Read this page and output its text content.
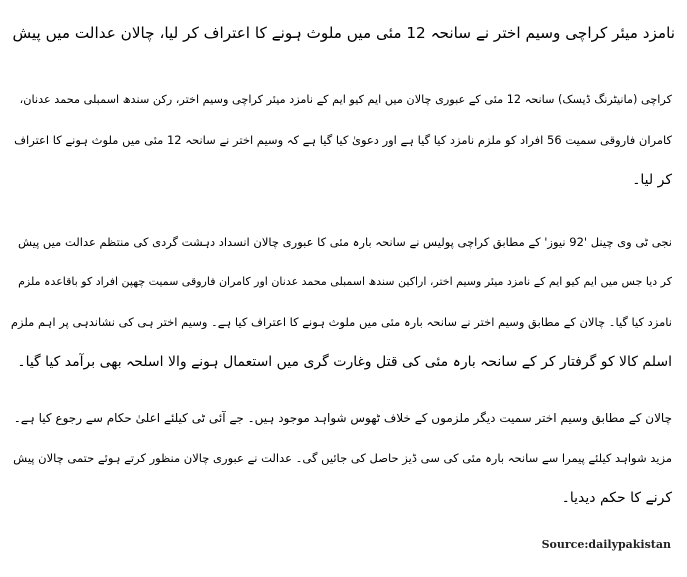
نامزد میئر کراچی وسیم اختر نے سانحہ 12 مئی میں ملوث ہونے کا اعتراف کر لیا، چالان عدالت میں پیش
کراچی (مانیٹرنگ ڈیسک) سانحہ 12 مئی کے عبوری چالان میں ایم کیو ایم کے نامزد میئر کراچی وسیم اختر، رکن سندھ اسمبلی محمد عدنان،
کامران فاروقی سمیت 56 افراد کو ملزم نامزد کیا گیا ہے اور دعویٰ کیا گیا ہے کہ وسیم اختر نے سانحہ 12 مئی میں ملوث ہونے کا اعتراف
کر لیا۔
نجی ٹی وی چینل '92 نیوز' کے مطابق کراچی پولیس نے سانحہ بارہ مئی کا عبوری چالان انسداد دہشت گردی کی منتظم عدالت میں پیش
کر دیا جس میں ایم کیو ایم کے نامزد میئر وسیم اختر، اراکین سندھ اسمبلی محمد عدنان اور کامران فاروقی سمیت چھپن افراد کو باقاعدہ ملزم
نامزد کیا گیا۔ چالان کے مطابق وسیم اختر نے سانحہ بارہ مئی میں ملوث ہونے کا اعتراف کیا ہے۔ وسیم اختر ہی کی نشاندہی پر اہم ملزم
اسلم کالا کو گرفتار کر کے سانحہ بارہ مئی کی قتل وغارت گری میں استعمال ہونے والا اسلحہ بھی برآمد کیا گیا۔
چالان کے مطابق وسیم اختر سمیت دیگر ملزموں کے خلاف ٹھوس شواہد موجود ہیں۔ جے آئی ٹی کیلئے اعلیٰ حکام سے رجوع کیا ہے۔
مزید شواہد کیلئے پیمرا سے سانحہ بارہ مئی کی سی ڈیز حاصل کی جائیں گی۔ عدالت نے عبوری چالان منظور کرتے ہوئے حتمی چالان پیش
کرنے کا حکم دیدیا۔
Source:dailypakistan
